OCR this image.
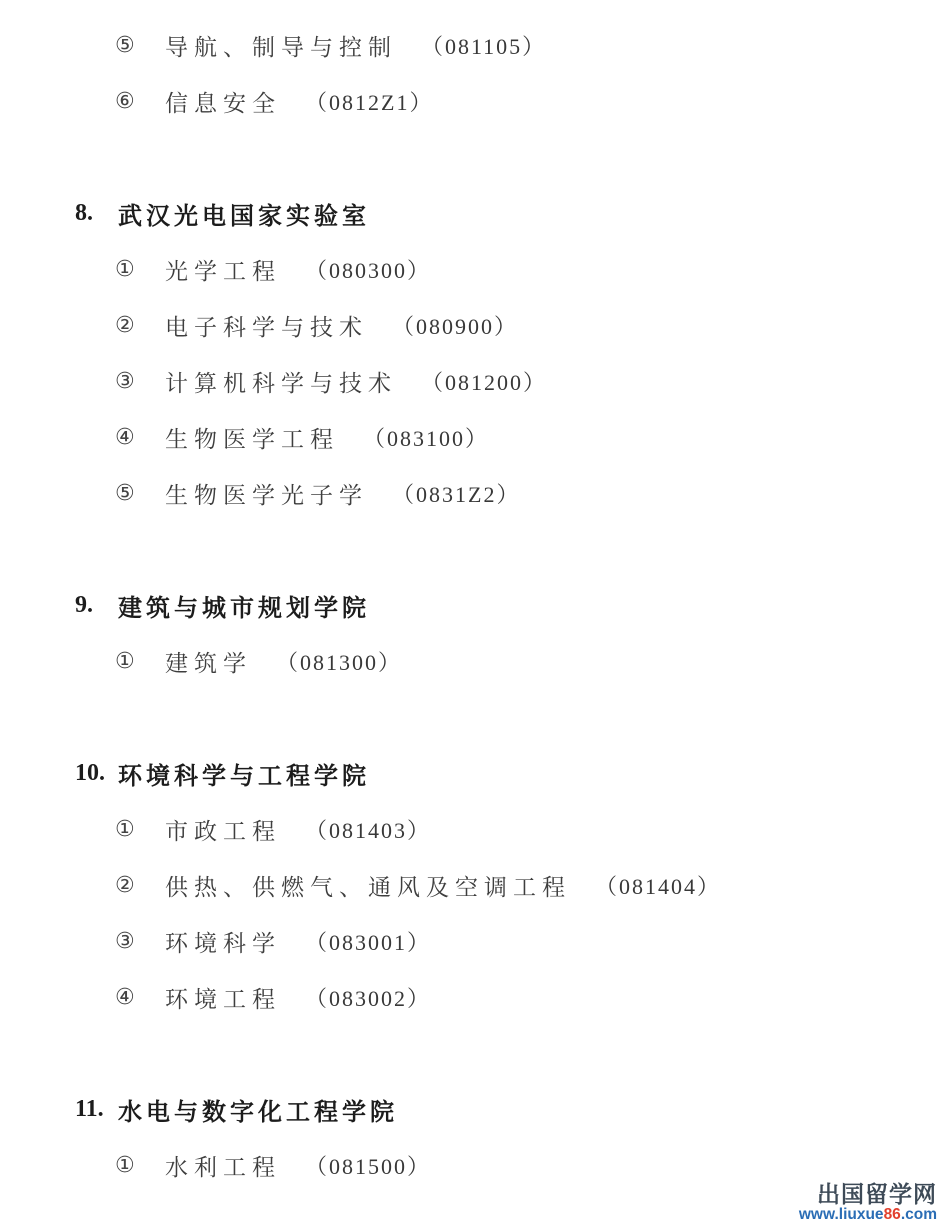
⑤	导航、制导与控制 （081105）
⑥	信息安全 （0812Z1）
8.	武汉光电国家实验室
①	光学工程 （080300）
②	电子科学与技术 （080900）
③	计算机科学与技术 （081200）
④	生物医学工程 （083100）
⑤	生物医学光子学 （0831Z2）
9.	建筑与城市规划学院
①	建筑学 （081300）
10. 环境科学与工程学院
①	市政工程 （081403）
②	供热、供燃气、通风及空调工程 （081404）
③	环境科学 （083001）
④	环境工程 （083002）
11. 水电与数字化工程学院
①	水利工程 （081500）
出国留学网
www.liuxue86.com
